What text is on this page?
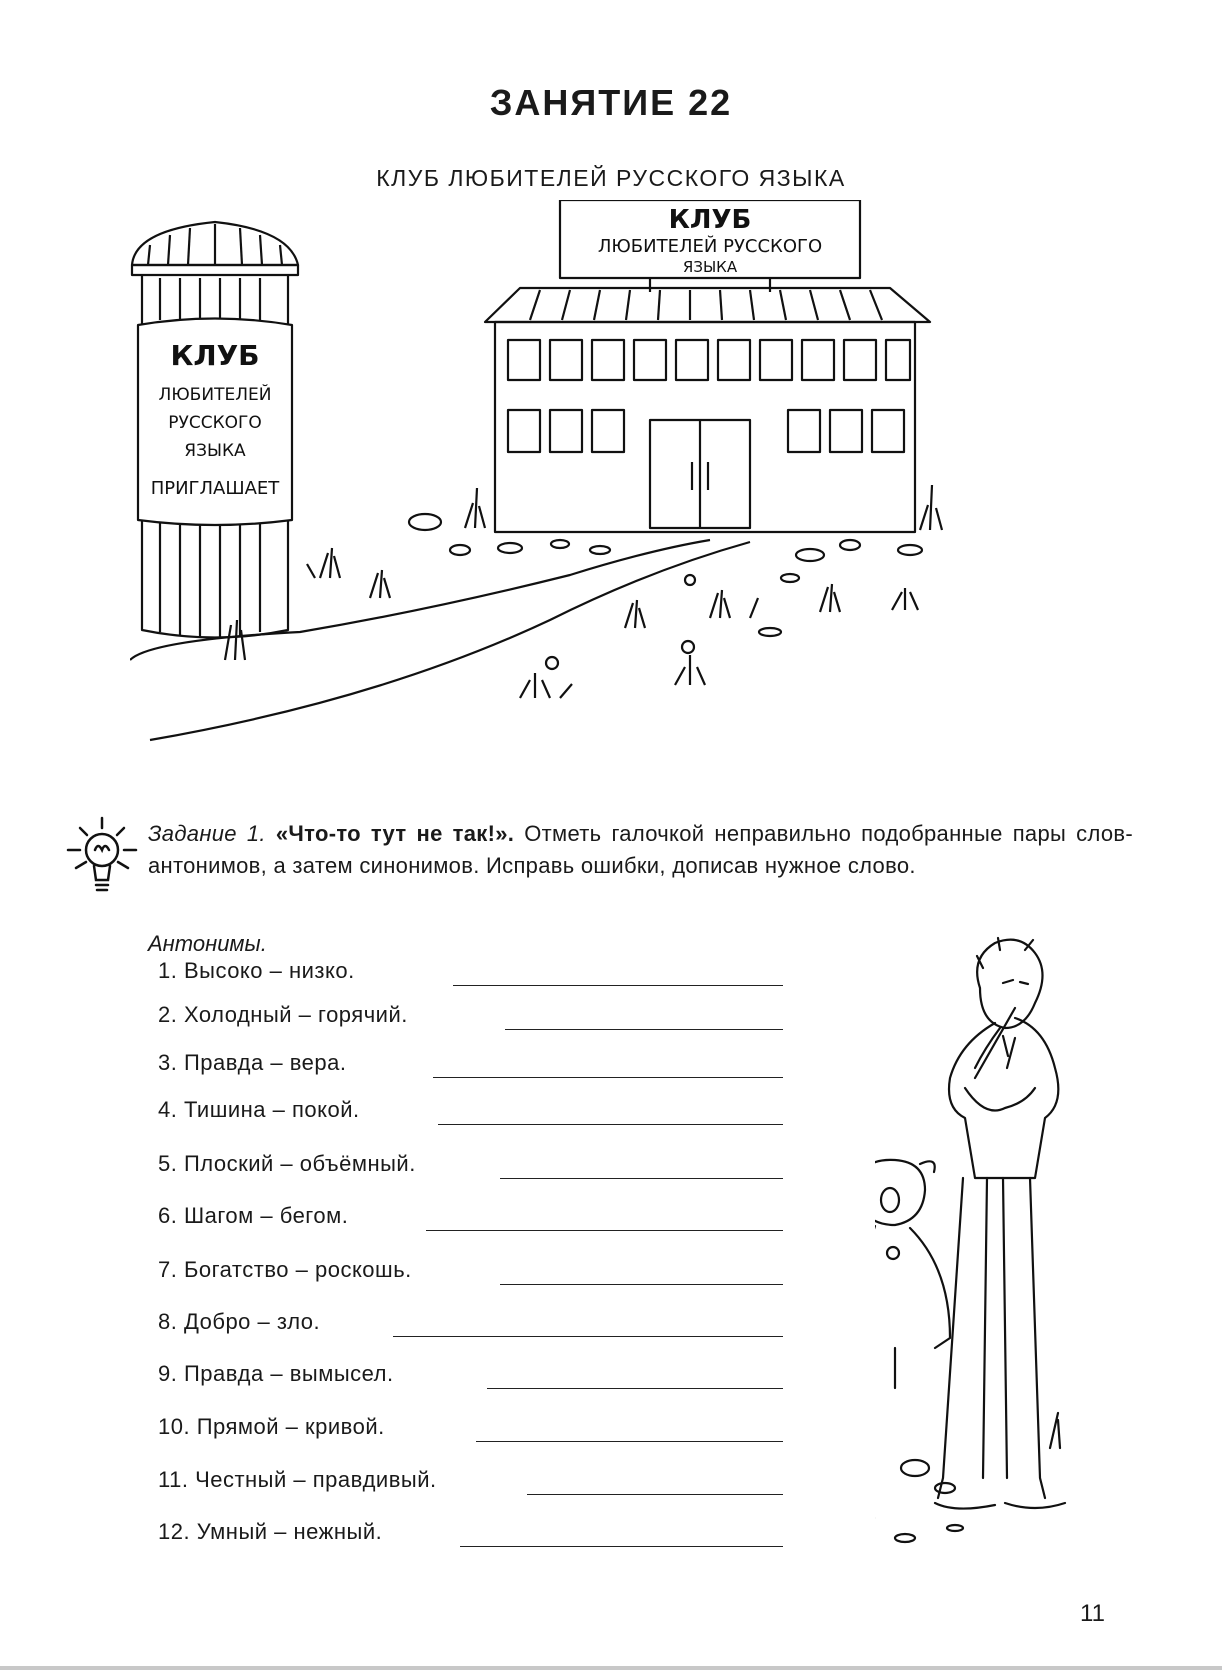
ЗАНЯТИЕ 22
КЛУБ ЛЮБИТЕЛЕЙ РУССКОГО ЯЗЫКА
КЛУБ
ЛЮБИТЕЛЕЙ РУССКОГО
ЯЗЫКА
КЛУБ
ЛЮБИТЕЛЕЙ
РУССКОГО
ЯЗЫКА
ПРИГЛАШАЕТ
Задание 1. «Что-то тут не так!». Отметь галочкой неправильно подобранные пары слов-антонимов, а затем синонимов. Исправь ошибки, дописав нужное слово.
Антонимы.
1. Высоко – низко.
2. Холодный – горячий.
3. Правда – вера.
4. Тишина – покой.
5. Плоский – объёмный.
6. Шагом – бегом.
7. Богатство – роскошь.
8. Добро – зло.
9. Правда – вымысел.
10. Прямой – кривой.
11. Честный – правдивый.
12. Умный – нежный.
11
